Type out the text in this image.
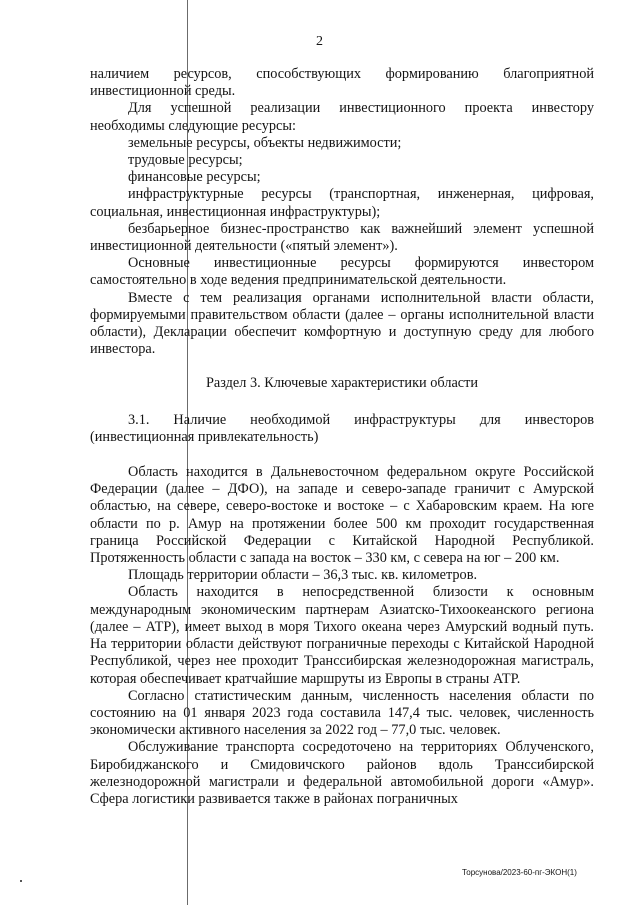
2

наличием ресурсов, способствующих формированию благоприятной инвестиционной среды.

Для успешной реализации инвестиционного проекта инвестору необходимы следующие ресурсы:

земельные ресурсы, объекты недвижимости;

трудовые ресурсы;

финансовые ресурсы;

инфраструктурные ресурсы (транспортная, инженерная, цифровая, социальная, инвестиционная инфраструктуры);

безбарьерное бизнес-пространство как важнейший элемент успешной инвестиционной деятельности («пятый элемент»).

Основные инвестиционные ресурсы формируются инвестором самостоятельно в ходе ведения предпринимательской деятельности.

Вместе с тем реализация органами исполнительной власти области, формируемыми правительством области (далее – органы исполнительной власти области), Декларации обеспечит комфортную и доступную среду для любого инвестора.

Раздел 3. Ключевые характеристики области
3.1. Наличие необходимой инфраструктуры для инвесторов (инвестиционная привлекательность)

Область находится в Дальневосточном федеральном округе Российской Федерации (далее – ДФО), на западе и северо-западе граничит с Амурской областью, на севере, северо-востоке и востоке – с Хабаровским краем. На юге области по р. Амур на протяжении более 500 км проходит государственная граница Российской Федерации с Китайской Народной Республикой. Протяженность области с запада на восток – 330 км, с севера на юг – 200 км.

Площадь территории области – 36,3 тыс. кв. километров.

Область находится в непосредственной близости к основным международным экономическим партнерам Азиатско-Тихоокеанского региона (далее – АТР), имеет выход в моря Тихого океана через Амурский водный путь. На территории области действуют пограничные переходы с Китайской Народной Республикой, через нее проходит Транссибирская железнодорожная магистраль, которая обеспечивает кратчайшие маршруты из Европы в страны АТР.

Согласно статистическим данным, численность населения области по состоянию на 01 января 2023 года составила 147,4 тыс. человек, численность экономически активного населения за 2022 год – 77,0 тыс. человек.

Обслуживание транспорта сосредоточено на территориях Облученского, Биробиджанского и Смидовичского районов вдоль Транссибирской железнодорожной магистрали и федеральной автомобильной дороги «Амур». Сфера логистики развивается также в районах пограничных

Торсунова/2023-60-пг-ЭКОН(1)
